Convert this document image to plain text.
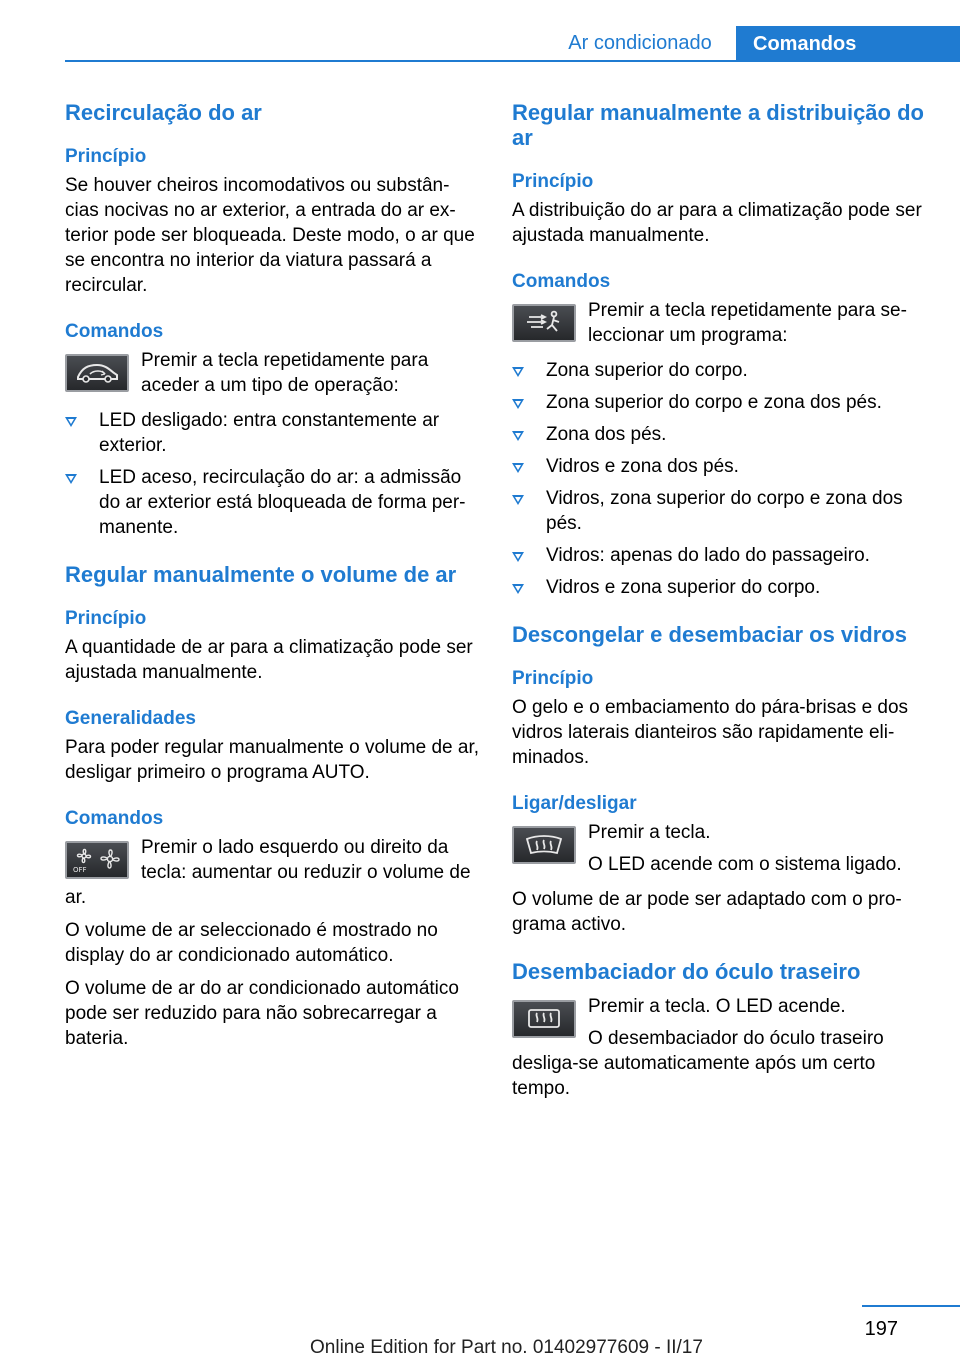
Ar condicionado	Comandos
Recirculação do ar
Princípio

Se houver cheiros incomodativos ou substân-cias nocivas no ar exterior, a entrada do ar ex-terior pode ser bloqueada. Deste modo, o ar que se encontra no interior da viatura passará a recircular.

Comandos

Premir a tecla repetidamente para aceder a um tipo de operação:

LED desligado: entra constantemente ar exterior.
LED aceso, recirculação do ar: a admissão do ar exterior está bloqueada de forma per-manente.
Regular manualmente o volume de ar
Princípio

A quantidade de ar para a climatização pode ser ajustada manualmente.

Generalidades

Para poder regular manualmente o volume de ar, desligar primeiro o programa AUTO.

Comandos
OFF

Premir o lado esquerdo ou direito da tecla: aumentar ou reduzir o volume de ar.

O volume de ar seleccionado é mostrado no display do ar condicionado automático.

O volume de ar do ar condicionado automático pode ser reduzido para não sobrecarregar a bateria.

Regular manualmente a distribuição do ar
Princípio

A distribuição do ar para a climatização pode ser ajustada manualmente.

Comandos

Premir a tecla repetidamente para se-leccionar um programa:

Zona superior do corpo.
Zona superior do corpo e zona dos pés.
Zona dos pés.
Vidros e zona dos pés.
Vidros, zona superior do corpo e zona dos pés.
Vidros: apenas do lado do passageiro.
Vidros e zona superior do corpo.
Descongelar e desembaciar os vidros
Princípio

O gelo e o embaciamento do pára-brisas e dos vidros laterais dianteiros são rapidamente eli-minados.

Ligar/desligar

Premir a tecla.

O LED acende com o sistema ligado.

O volume de ar pode ser adaptado com o pro-grama activo.

Desembaciador do óculo traseiro

Premir a tecla. O LED acende.

O desembaciador do óculo traseiro desliga-se automaticamente após um certo tempo.

197
Online Edition for Part no. 01402977609 - II/17
